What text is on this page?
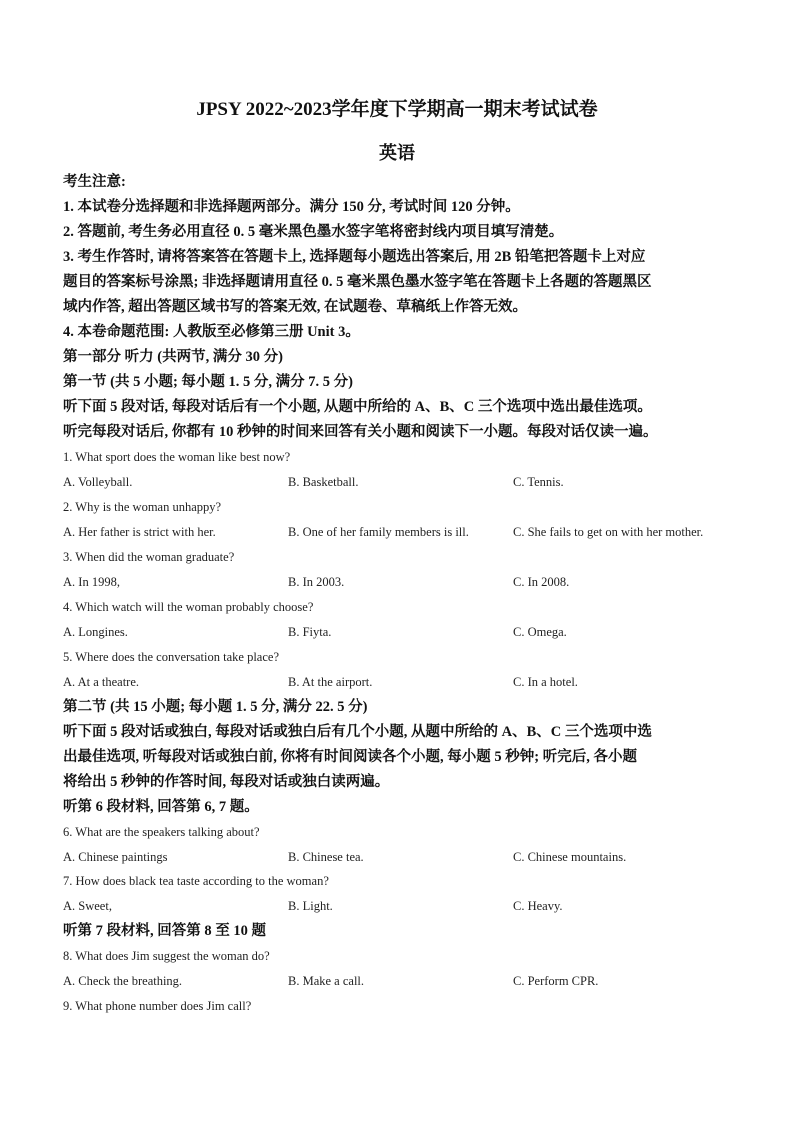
JPSY 2022~2023学年度下学期高一期末考试试卷
英语
考生注意:
1. 本试卷分选择题和非选择题两部分。满分 150 分, 考试时间 120 分钟。
2. 答题前, 考生务必用直径 0. 5 毫米黑色墨水签字笔将密封线内项目填写清楚。
3. 考生作答时, 请将答案答在答题卡上, 选择题每小题选出答案后, 用 2B 铅笔把答题卡上对应
题目的答案标号涂黑; 非选择题请用直径 0. 5 毫米黑色墨水签字笔在答题卡上各题的答题黑区
域内作答, 超出答题区域书写的答案无效, 在试题卷、草稿纸上作答无效。
4. 本卷命题范围: 人教版至必修第三册 Unit 3。
第一部分 听力 (共两节, 满分 30 分)
第一节 (共 5 小题; 每小题 1. 5 分, 满分 7. 5 分)
听下面 5 段对话, 每段对话后有一个小题, 从题中所给的 A、B、C 三个选项中选出最佳选项。
听完每段对话后, 你都有 10 秒钟的时间来回答有关小题和阅读下一小题。每段对话仅读一遍。
1. What sport does the woman like best now?
A. Volleyball.	B. Basketball.	C. Tennis.
2. Why is the woman unhappy?
A. Her father is strict with her.	B. One of her family members is ill.	C. She fails to get on with her mother.
3. When did the woman graduate?
A. In 1998,	B. In 2003.	C. In 2008.
4. Which watch will the woman probably choose?
A. Longines.	B. Fiyta.	C. Omega.
5. Where does the conversation take place?
A. At a theatre.	B. At the airport.	C. In a hotel.
第二节 (共 15 小题; 每小题 1. 5 分, 满分 22. 5 分)
听下面 5 段对话或独白, 每段对话或独白后有几个小题, 从题中所给的 A、B、C 三个选项中选
出最佳选项, 听每段对话或独白前, 你将有时间阅读各个小题, 每小题 5 秒钟; 听完后, 各小题
将给出 5 秒钟的作答时间, 每段对话或独白读两遍。
听第 6 段材料, 回答第 6, 7 题。
6. What are the speakers talking about?
A. Chinese paintings	B. Chinese tea.	C. Chinese mountains.
7. How does black tea taste according to the woman?
A. Sweet,	B. Light.	C. Heavy.
听第 7 段材料, 回答第 8 至 10 题
8. What does Jim suggest the woman do?
A. Check the breathing.	B. Make a call.	C. Perform CPR.
9. What phone number does Jim call?
